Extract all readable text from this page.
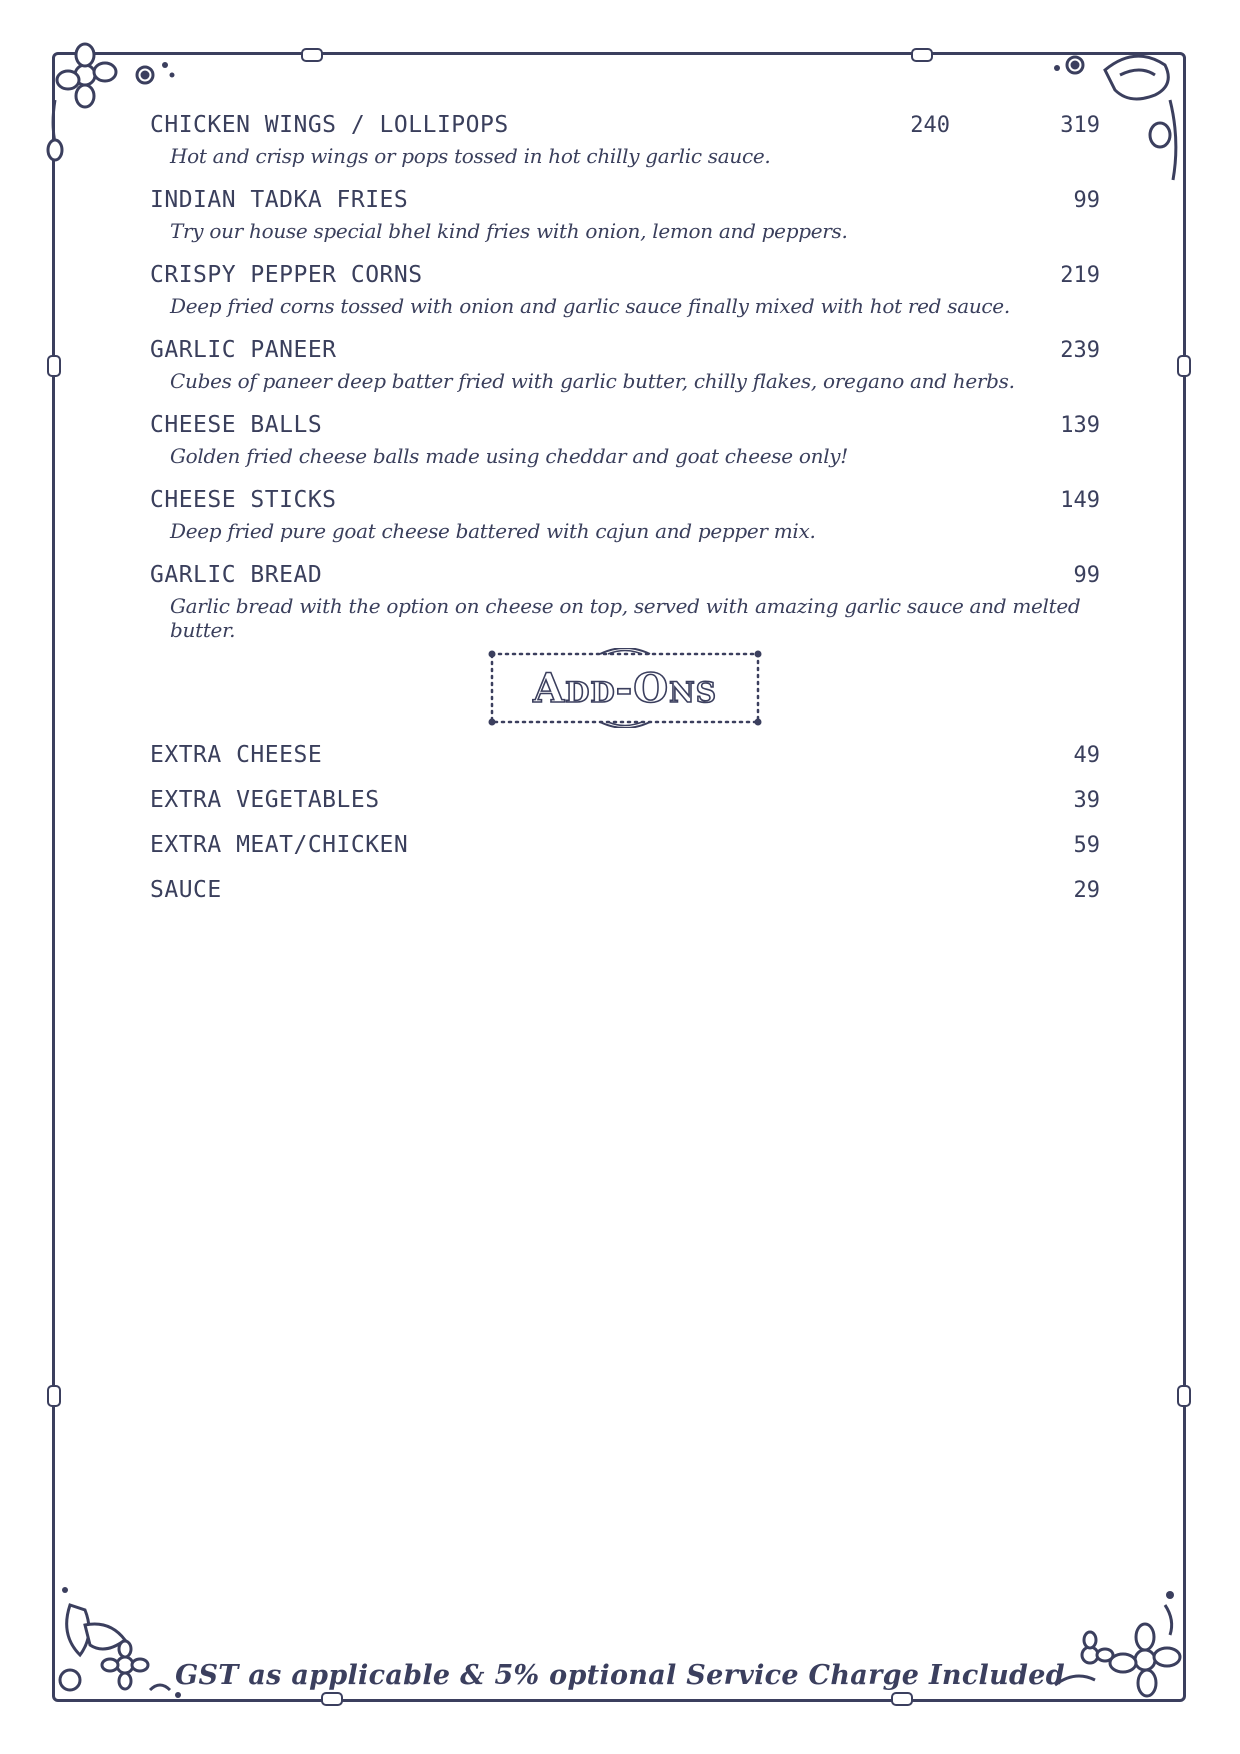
CHICKEN WINGS / LOLLIPOPS	240	319
Hot and crisp wings or pops tossed in hot chilly garlic sauce.
INDIAN TADKA FRIES	99
Try our house special bhel kind fries with onion, lemon and peppers.
CRISPY PEPPER CORNS	219
Deep fried corns tossed with onion and garlic sauce finally mixed with hot red sauce.
GARLIC PANEER	239
Cubes of paneer deep batter fried with garlic butter, chilly flakes, oregano and herbs.
CHEESE BALLS	139
Golden fried cheese balls made using cheddar and goat cheese only!
CHEESE STICKS	149
Deep fried pure goat cheese battered with cajun and pepper mix.
GARLIC BREAD	99
Garlic bread with the option on cheese on top, served with amazing garlic sauce and melted butter.
Add-Ons
EXTRA CHEESE	49
EXTRA VEGETABLES	39
EXTRA MEAT/CHICKEN	59
SAUCE	29
GST as applicable & 5% optional Service Charge Included
